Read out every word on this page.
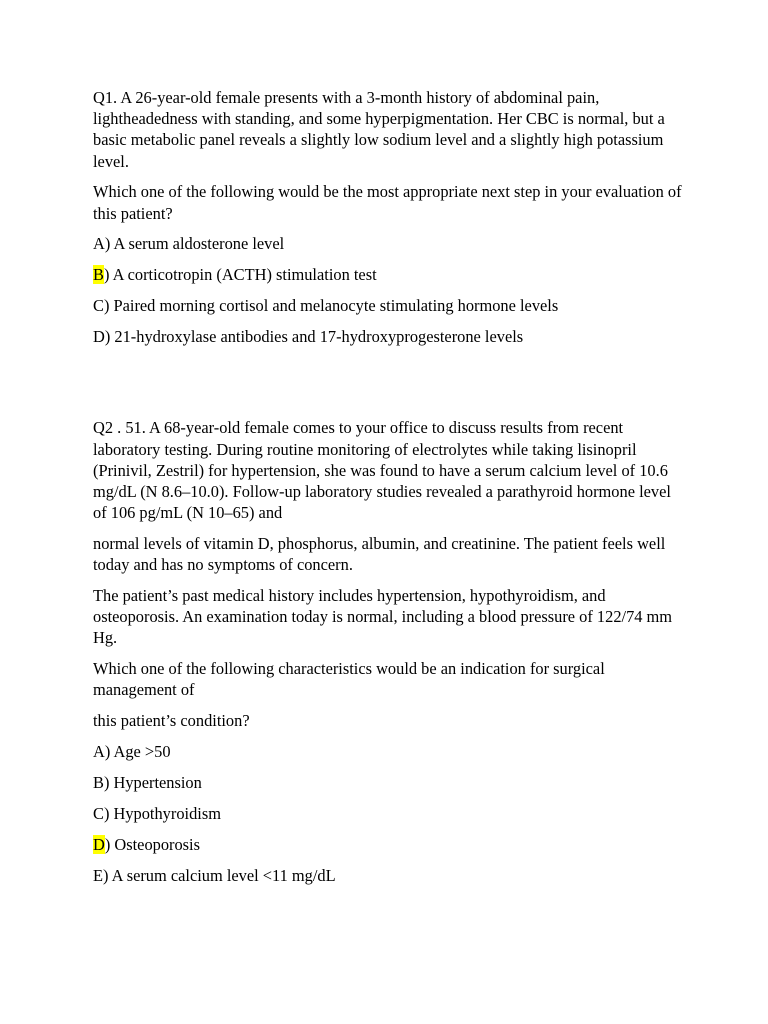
Q1. A 26-year-old female presents with a 3-month history of abdominal pain, lightheadedness with standing, and some hyperpigmentation. Her CBC is normal, but a basic metabolic panel reveals a slightly low sodium level and a slightly high potassium level.

Which one of the following would be the most appropriate next step in your evaluation of this patient?

A) A serum aldosterone level

B) A corticotropin (ACTH) stimulation test

C) Paired morning cortisol and melanocyte stimulating hormone levels

D) 21-hydroxylase antibodies and 17-hydroxyprogesterone levels

Q2 . 51. A 68-year-old female comes to your office to discuss results from recent laboratory testing. During routine monitoring of electrolytes while taking lisinopril (Prinivil, Zestril) for hypertension, she was found to have a serum calcium level of 10.6 mg/dL (N 8.6–10.0). Follow-up laboratory studies revealed a parathyroid hormone level of 106 pg/mL (N 10–65) and

normal levels of vitamin D, phosphorus, albumin, and creatinine. The patient feels well today and has no symptoms of concern.

The patient’s past medical history includes hypertension, hypothyroidism, and osteoporosis. An examination today is normal, including a blood pressure of 122/74 mm Hg.

Which one of the following characteristics would be an indication for surgical management of

this patient’s condition?

A) Age >50

B) Hypertension

C) Hypothyroidism

D) Osteoporosis

E) A serum calcium level <11 mg/dL
